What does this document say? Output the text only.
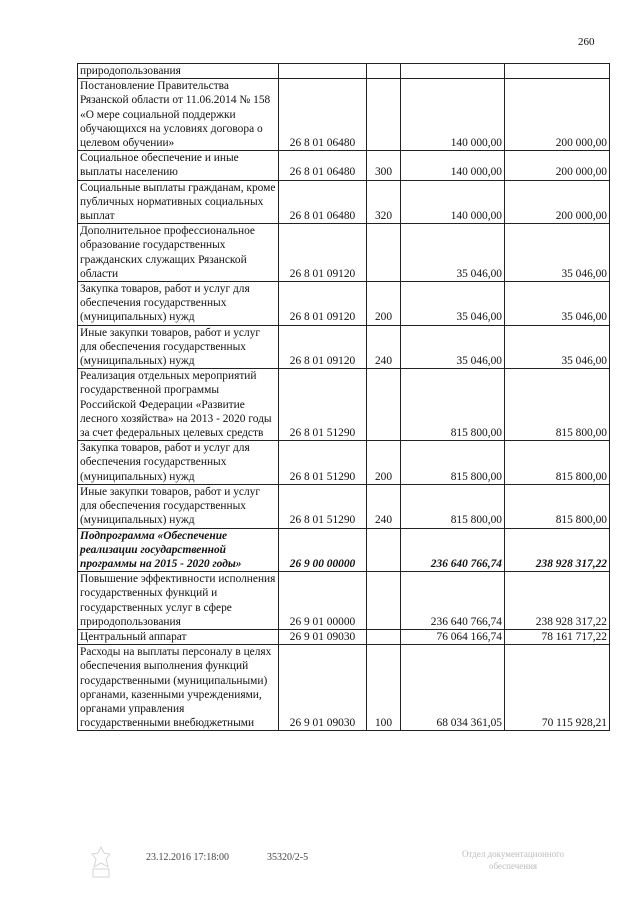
260
природопользования				
Постановление Правительства Рязанской области от 11.06.2014 № 158 «О мере социальной поддержки обучающихся на условиях договора о целевом обучении»	26 8 01 06480		140 000,00	200 000,00
Социальное обеспечение и иные выплаты населению	26 8 01 06480	300	140 000,00	200 000,00
Социальные выплаты гражданам, кроме публичных нормативных социальных выплат	26 8 01 06480	320	140 000,00	200 000,00
Дополнительное профессиональное образование государственных гражданских служащих Рязанской области	26 8 01 09120		35 046,00	35 046,00
Закупка товаров, работ и услуг для обеспечения государственных (муниципальных) нужд	26 8 01 09120	200	35 046,00	35 046,00
Иные закупки товаров, работ и услуг для обеспечения государственных (муниципальных) нужд	26 8 01 09120	240	35 046,00	35 046,00
Реализация отдельных мероприятий государственной программы Российской Федерации «Развитие лесного хозяйства» на 2013 - 2020 годы за счет федеральных целевых средств	26 8 01 51290		815 800,00	815 800,00
Закупка товаров, работ и услуг для обеспечения государственных (муниципальных) нужд	26 8 01 51290	200	815 800,00	815 800,00
Иные закупки товаров, работ и услуг для обеспечения государственных (муниципальных) нужд	26 8 01 51290	240	815 800,00	815 800,00
Подпрограмма «Обеспечение реализации государственной программы на 2015 - 2020 годы»	26 9 00 00000		236 640 766,74	238 928 317,22
Повышение эффективности исполнения государственных функций и государственных услуг в сфере природопользования	26 9 01 00000		236 640 766,74	238 928 317,22
Центральный аппарат	26 9 01 09030		76 064 166,74	78 161 717,22
Расходы на выплаты персоналу в целях обеспечения выполнения функций государственными (муниципальными) органами, казенными учреждениями, органами управления государственными внебюджетными	26 9 01 09030	100	68 034 361,05	70 115 928,21
23.12.2016 17:18:00	35320/2-5	Отдел документационного
обеспечения
